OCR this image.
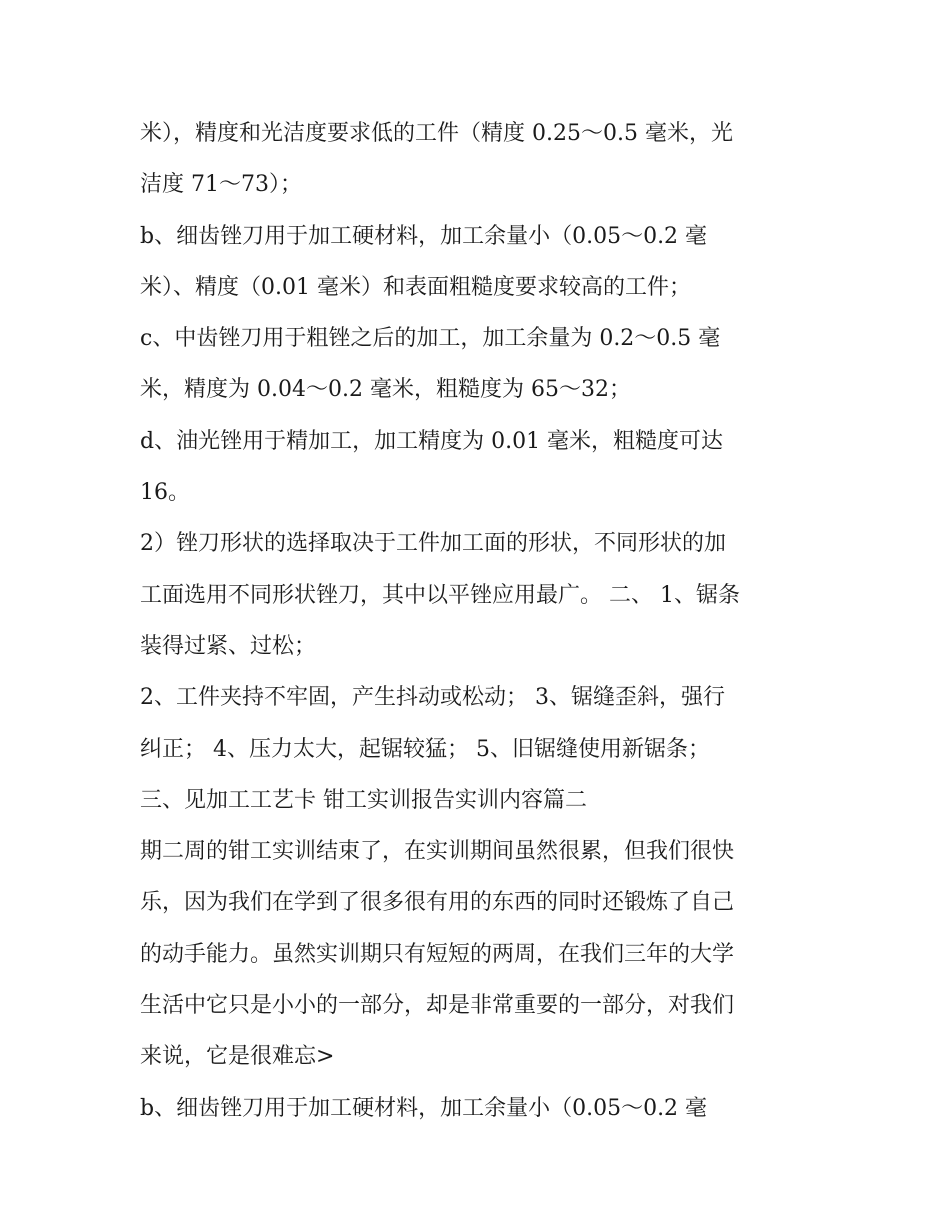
米），精度和光洁度要求低的工件（精度 0.25～0.5 毫米，光
洁度 71～73）；
b、细齿锉刀用于加工硬材料，加工余量小（0.05～0.2 毫
米）、精度（0.01 毫米）和表面粗糙度要求较高的工件；
c、中齿锉刀用于粗锉之后的加工，加工余量为 0.2～0.5 毫
米，精度为 0.04～0.2 毫米，粗糙度为 65～32；
d、油光锉用于精加工，加工精度为 0.01 毫米，粗糙度可达
16。
2）锉刀形状的选择取决于工件加工面的形状，不同形状的加
工面选用不同形状锉刀，其中以平锉应用最广。 二、 1、锯条
装得过紧、过松；
2、工件夹持不牢固，产生抖动或松动； 3、锯缝歪斜，强行
纠正； 4、压力太大，起锯较猛； 5、旧锯缝使用新锯条；
三、见加工工艺卡 钳工实训报告实训内容篇二
期二周的钳工实训结束了，在实训期间虽然很累，但我们很快
乐，因为我们在学到了很多很有用的东西的同时还锻炼了自己
的动手能力。虽然实训期只有短短的两周，在我们三年的大学
生活中它只是小小的一部分，却是非常重要的一部分，对我们
来说，它是很难忘>
b、细齿锉刀用于加工硬材料，加工余量小（0.05～0.2 毫
